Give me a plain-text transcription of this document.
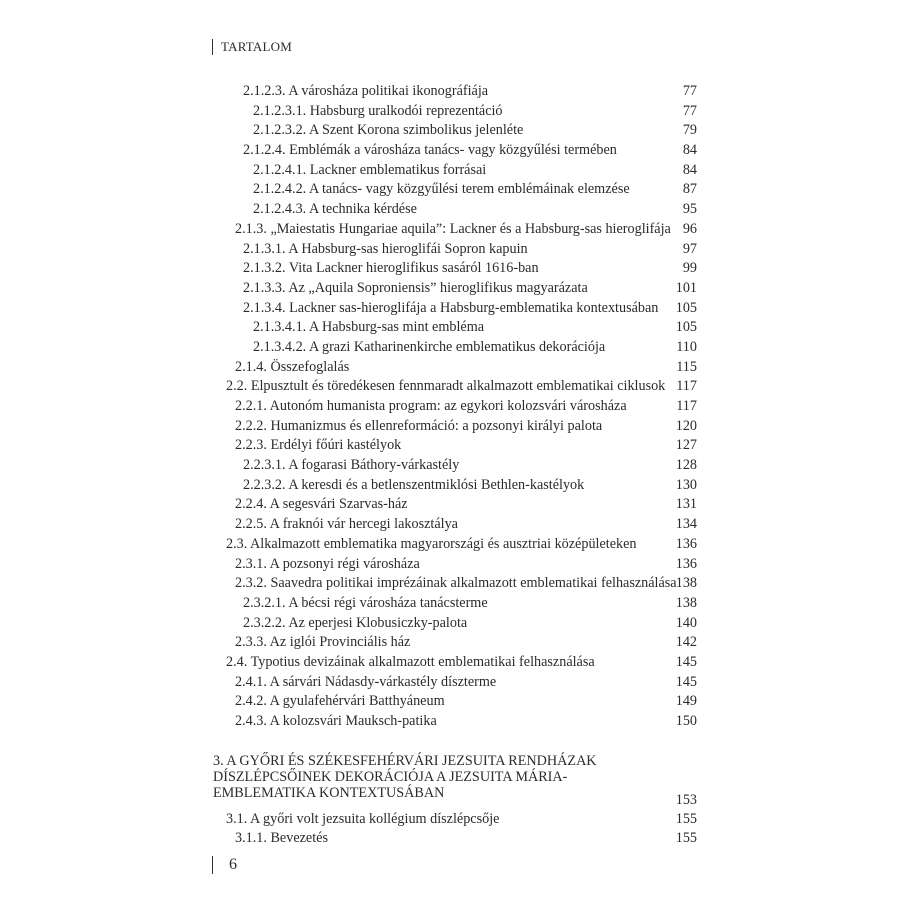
TARTALOM
2.1.2.3. A városháza politikai ikonográfiája	77
2.1.2.3.1. Habsburg uralkodói reprezentáció	77
2.1.2.3.2. A Szent Korona szimbolikus jelenléte	79
2.1.2.4. Emblémák a városháza tanács- vagy közgyűlési termében	84
2.1.2.4.1. Lackner emblematikus forrásai	84
2.1.2.4.2. A tanács- vagy közgyűlési terem emblémáinak elemzése	87
2.1.2.4.3. A technika kérdése	95
2.1.3. „Maiestatis Hungariae aquila”: Lackner és a Habsburg-sas hieroglifája 96
2.1.3.1. A Habsburg-sas hieroglifái Sopron kapuin	97
2.1.3.2. Vita Lackner hieroglifikus sasáról 1616-ban	99
2.1.3.3. Az „Aquila Soproniensis” hieroglifikus magyarázata	101
2.1.3.4. Lackner sas-hieroglifája a Habsburg-emblematika kontextusában 105
2.1.3.4.1. A Habsburg-sas mint embléma	105
2.1.3.4.2. A grazi Katharinenkirche emblematikus dekorációja	110
2.1.4. Összefoglalás	115
2.2. Elpusztult és töredékesen fennmaradt alkalmazott emblematikai ciklusok 117
2.2.1. Autonóm humanista program: az egykori kolozsvári városháza	117
2.2.2. Humanizmus és ellenreformáció: a pozsonyi királyi palota	120
2.2.3. Erdélyi főúri kastélyok	127
2.2.3.1. A fogarasi Báthory-várkastély	128
2.2.3.2. A keresdi és a betlenszentmiklósi Bethlen-kastélyok	130
2.2.4. A segesvári Szarvas-ház	131
2.2.5. A fraknói vár hercegi lakosztálya	134
2.3. Alkalmazott emblematika magyarországi és ausztriai középületeken	136
2.3.1. A pozsonyi régi városháza	136
2.3.2. Saavedra politikai imprézáinak alkalmazott emblematikai felhasználása 138
2.3.2.1. A bécsi régi városháza tanácsterme	138
2.3.2.2. Az eperjesi Klobusiczky-palota	140
2.3.3. Az iglói Provinciális ház	142
2.4. Typotius devizáinak alkalmazott emblematikai felhasználása	145
2.4.1. A sárvári Nádasdy-várkastély díszterme	145
2.4.2. A gyulafehérvári Batthyáneum	149
2.4.3. A kolozsvári Mauksch-patika	150
3. A GYŐRI ÉS SZÉKESFEHÉRVÁRI JEZSUITA RENDHÁZAK DÍSZLÉPCSŐINEK DEKORÁCIÓJA A JEZSUITA MÁRIA-EMBLEMATIKA KONTEXTUSÁBAN	153
3.1. A győri volt jezsuita kollégium díszlépcsője	155
3.1.1. Bevezetés	155
6
